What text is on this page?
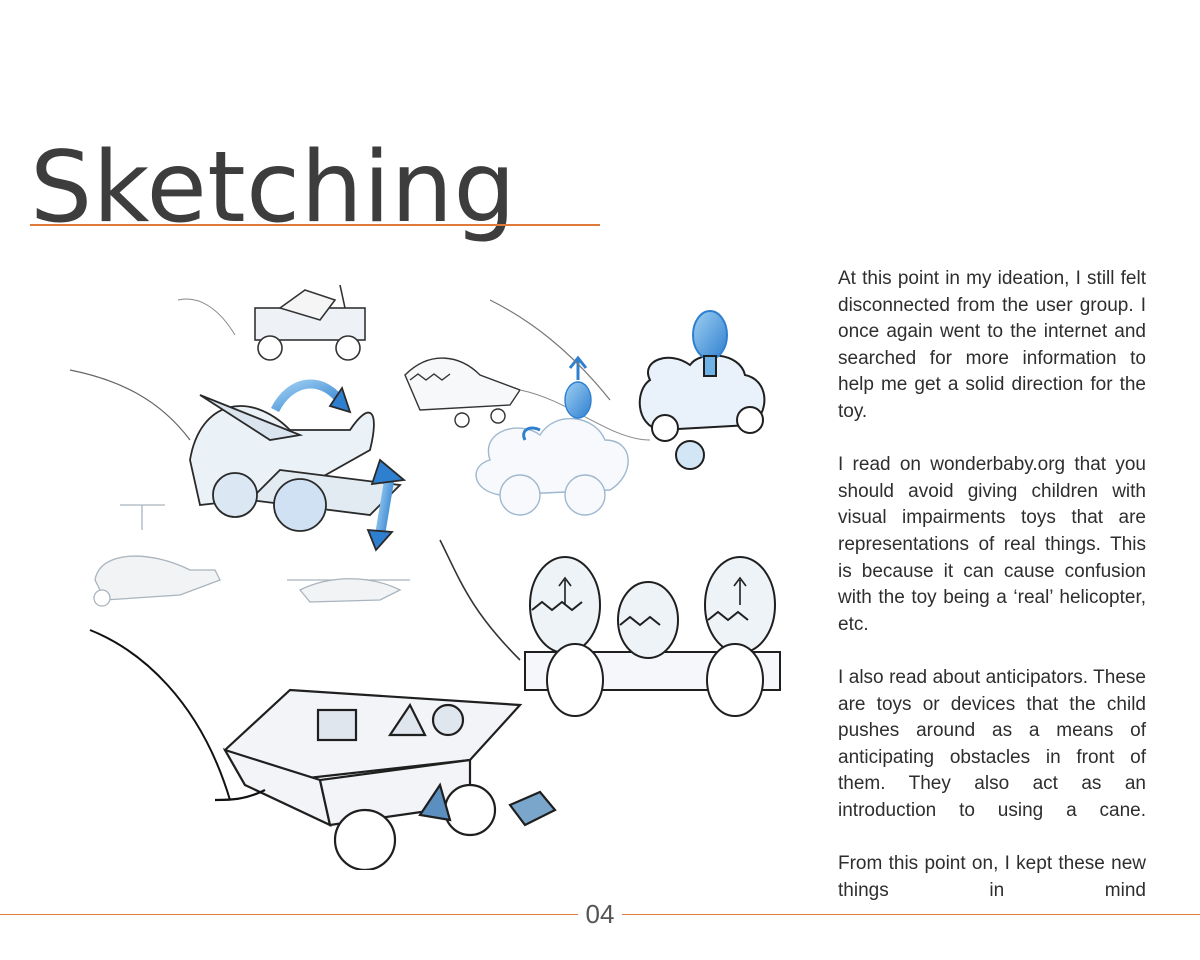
Sketching

At this point in my ideation, I still felt disconnected from the user group. I once again went to the internet and searched for more information to help me get a solid direction for the toy.

I read on wonderbaby.org that you should avoid giving children with visual impairments toys that are representations of real things. This is because it can cause confusion with the toy being a ‘real’ helicopter, etc.

I also read about anticipators. These are toys or devices that the child pushes around as a means of anticipating obstacles in front of them. They also act as an introduction to using a cane.

From this point on, I kept these new things in mind

04
